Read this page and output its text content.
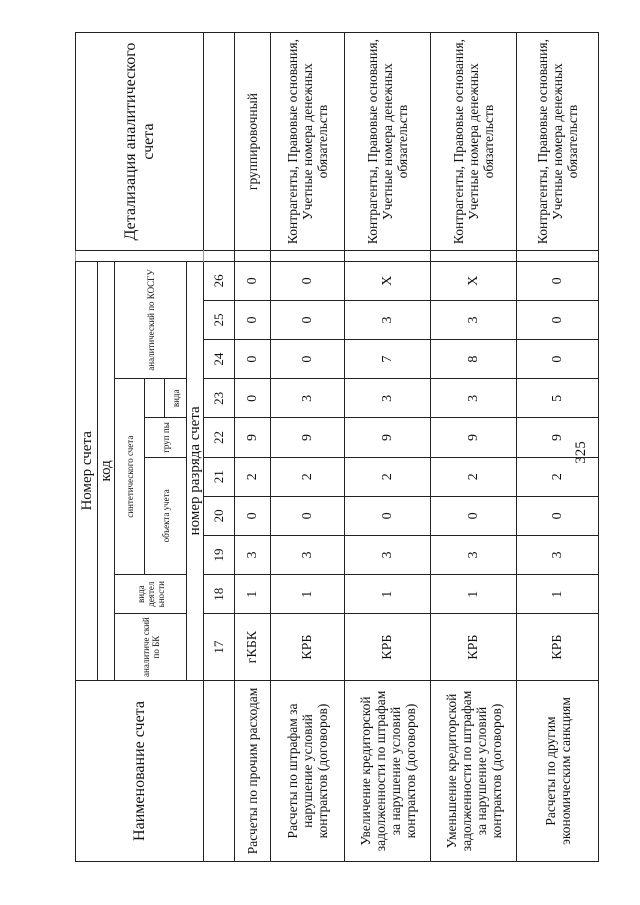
325
Наименование счета	Номер счета											Детализация аналитического счета
	код											
	аналитиче ский по БК	вида деятел ьности	синтетического счета					аналитический по КОСГУ				
			объекта учета			груп пы						
							вида					
	номер разряда счета											
	17	18	19	20	21	22	23	24	25	26		
Расчеты по прочим расходам	гКБК	1	3	0	2	9	0	0	0	0		группировочный
Расчеты по штрафам за нарушение условий контрактов (договоров)	КРБ	1	3	0	2	9	3	0	0	0		Контрагенты, Правовые основания, Учетные номера денежных обязательств
Увеличение кредиторской задолженности по штрафам за нарушение условий контрактов (договоров)	КРБ	1	3	0	2	9	3	7	3	X		Контрагенты, Правовые основания, Учетные номера денежных обязательств
Уменьшение кредиторской задолженности по штрафам за нарушение условий контрактов (договоров)	КРБ	1	3	0	2	9	3	8	3	X		Контрагенты, Правовые основания, Учетные номера денежных обязательств
Расчеты по другим экономическим санкциям	КРБ	1	3	0	2	9	5	0	0	0		Контрагенты, Правовые основания, Учетные номера денежных обязательств
